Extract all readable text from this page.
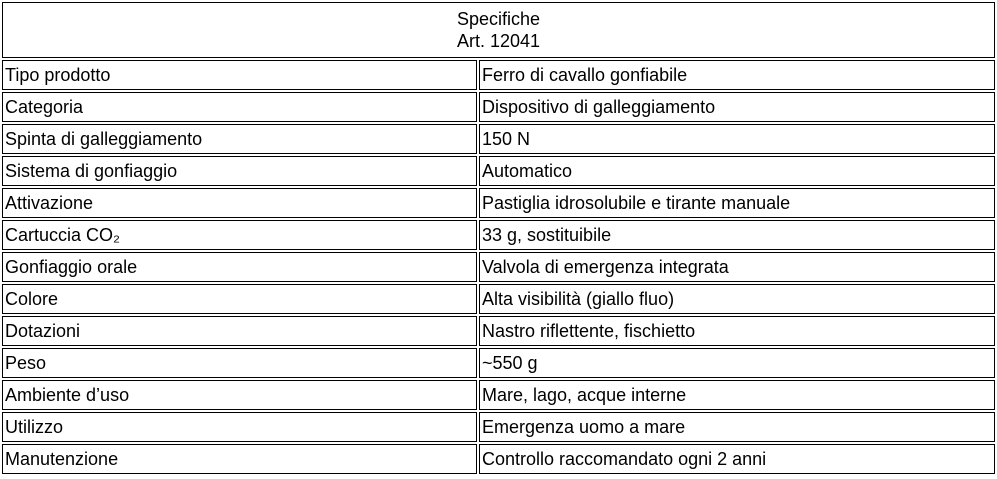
Specifiche
Art. 12041	

Tipo prodotto	Ferro di cavallo gonfiabile
Categoria	Dispositivo di galleggiamento
Spinta di galleggiamento	150 N
Sistema di gonfiaggio	Automatico
Attivazione	Pastiglia idrosolubile e tirante manuale
Cartuccia CO₂	33 g, sostituibile
Gonfiaggio orale	Valvola di emergenza integrata
Colore	Alta visibilità (giallo fluo)
Dotazioni	Nastro riflettente, fischietto
Peso	~550 g
Ambiente d’uso	Mare, lago, acque interne
Utilizzo	Emergenza uomo a mare
Manutenzione	Controllo raccomandato ogni 2 anni
